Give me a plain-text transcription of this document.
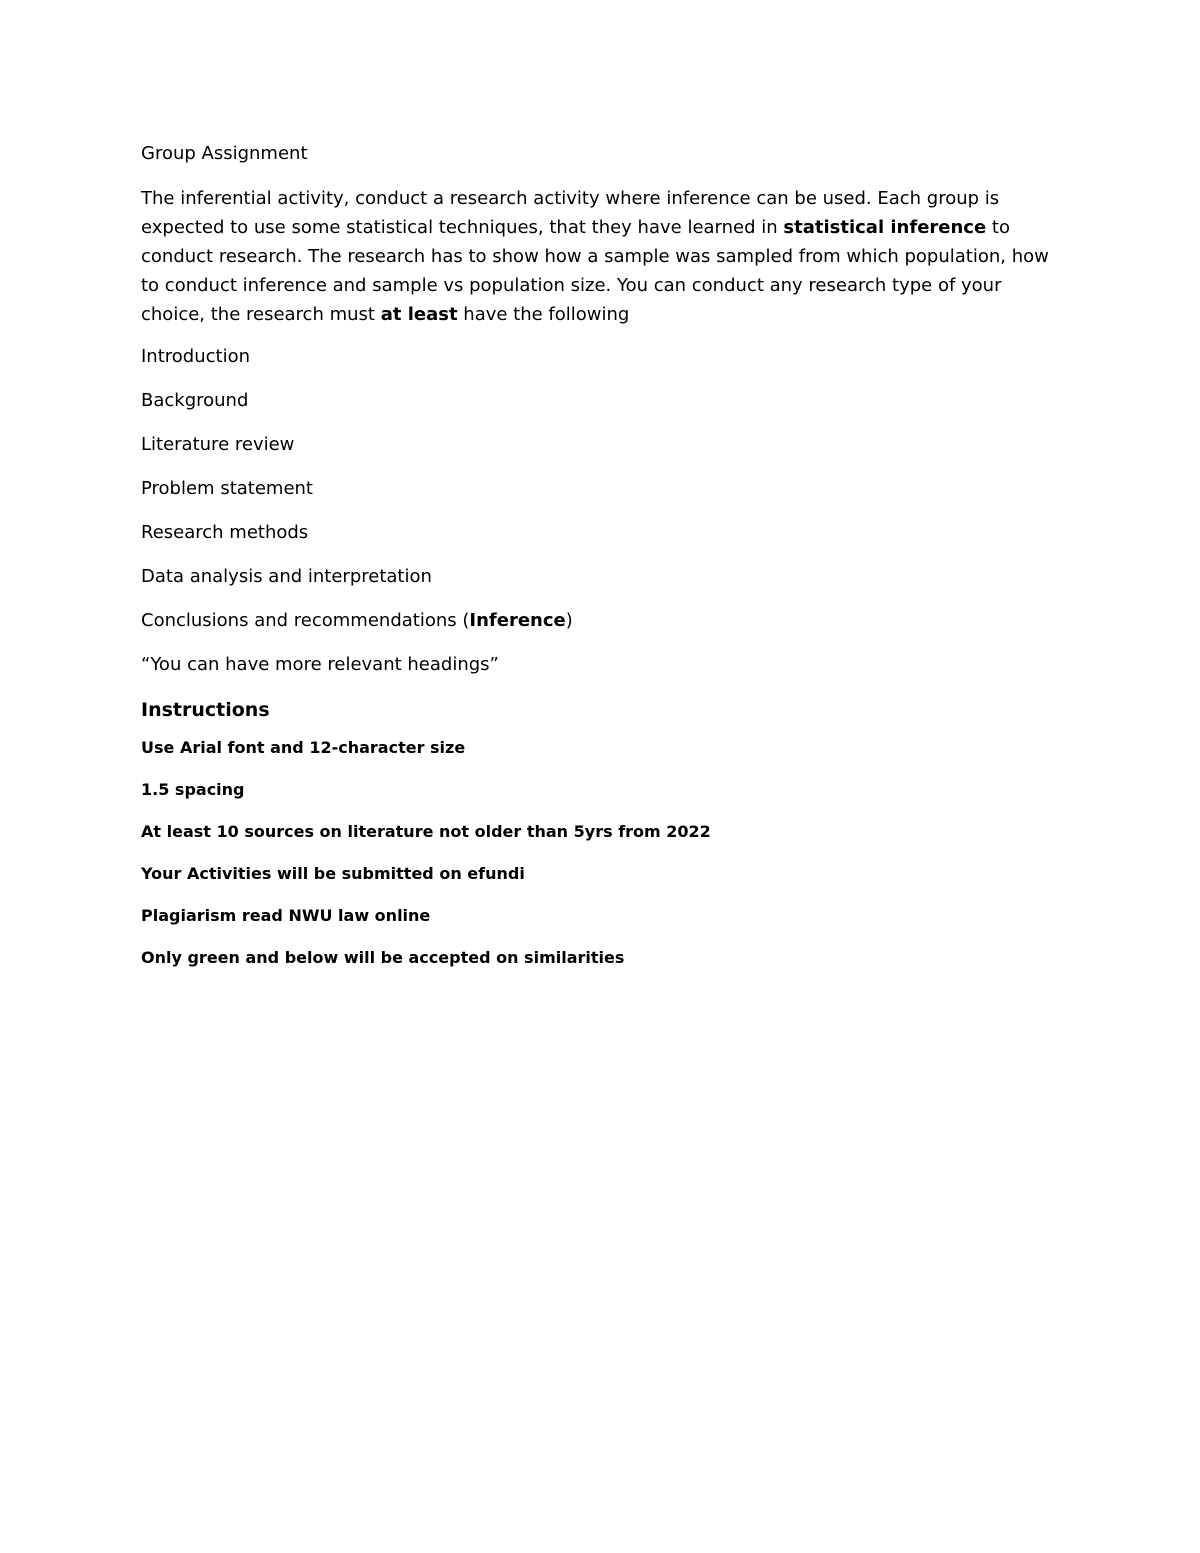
Group Assignment

The inferential activity, conduct a research activity where inference can be used. Each group is expected to use some statistical techniques, that they have learned in statistical inference to conduct research. The research has to show how a sample was sampled from which population, how to conduct inference and sample vs population size. You can conduct any research type of your choice, the research must at least have the following

Introduction

Background

Literature review

Problem statement

Research methods

Data analysis and interpretation

Conclusions and recommendations (Inference)

“You can have more relevant headings”

Instructions

Use Arial font and 12-character size

1.5 spacing

At least 10 sources on literature not older than 5yrs from 2022

Your Activities will be submitted on efundi

Plagiarism read NWU law online

Only green and below will be accepted on similarities
